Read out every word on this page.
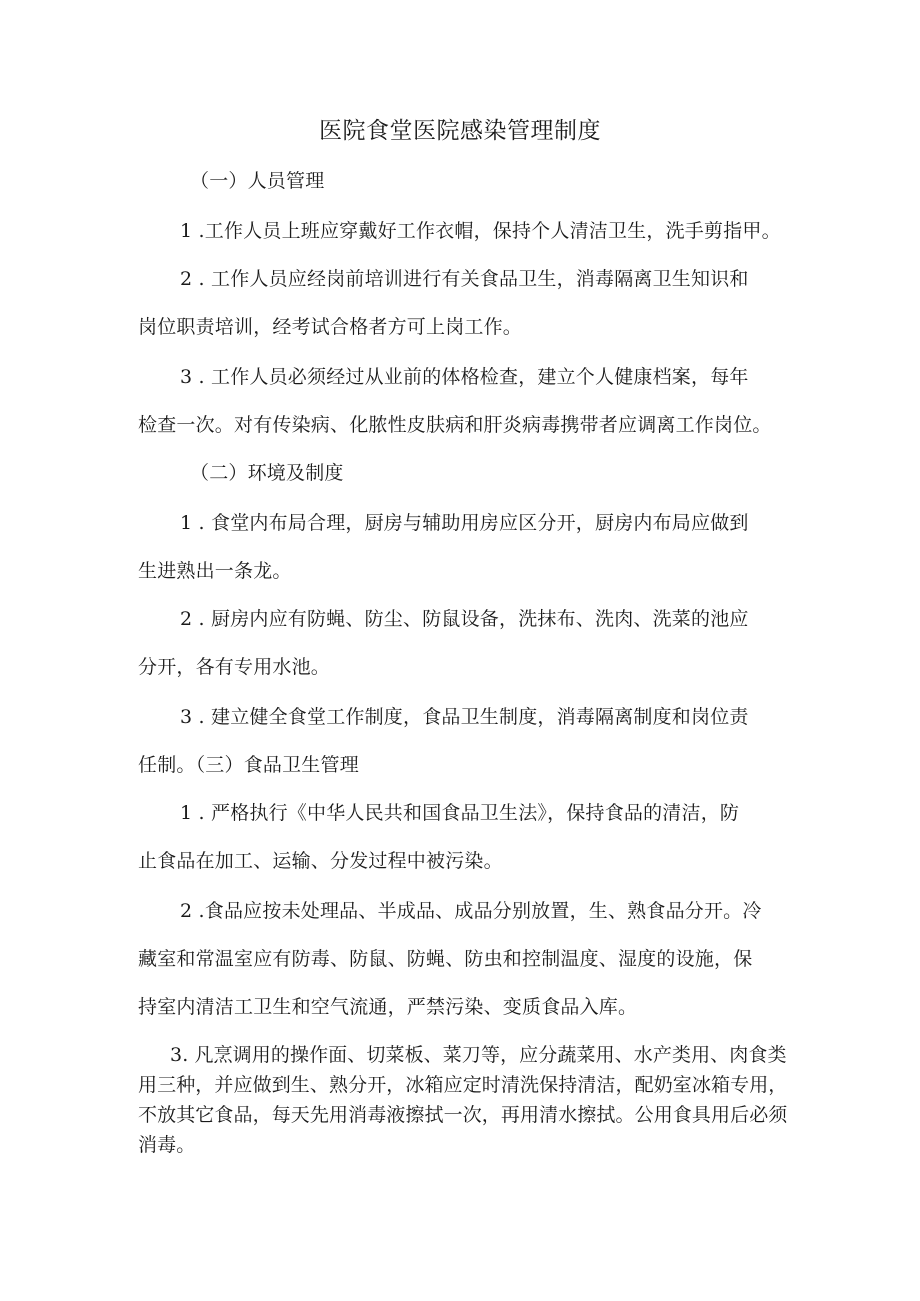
医院食堂医院感染管理制度
（一）人员管理
1 .工作人员上班应穿戴好工作衣帽，保持个人清洁卫生，洗手剪指甲。
2 . 工作人员应经岗前培训进行有关食品卫生，消毒隔离卫生知识和
岗位职责培训，经考试合格者方可上岗工作。
3 . 工作人员必须经过从业前的体格检查，建立个人健康档案，每年
检查一次。对有传染病、化脓性皮肤病和肝炎病毒携带者应调离工作岗位。
（二）环境及制度
1 . 食堂内布局合理，厨房与辅助用房应区分开，厨房内布局应做到
生进熟出一条龙。
2 . 厨房内应有防蝇、防尘、防鼠设备，洗抹布、洗肉、洗菜的池应
分开，各有专用水池。
3 . 建立健全食堂工作制度，食品卫生制度，消毒隔离制度和岗位责
任制。（三）食品卫生管理
1 . 严格执行《中华人民共和国食品卫生法》，保持食品的清洁，防
止食品在加工、运输、分发过程中被污染。
2 .食品应按未处理品、半成品、成品分别放置，生、熟食品分开。冷
藏室和常温室应有防毒、防鼠、防蝇、防虫和控制温度、湿度的设施，保
持室内清洁工卫生和空气流通，严禁污染、变质食品入库。
3. 凡烹调用的操作面、切菜板、菜刀等，应分蔬菜用、水产类用、肉食类用三种，并应做到生、熟分开，冰箱应定时清洗保持清洁，配奶室冰箱专用，不放其它食品，每天先用消毒液擦拭一次，再用清水擦拭。公用食具用后必须消毒。
